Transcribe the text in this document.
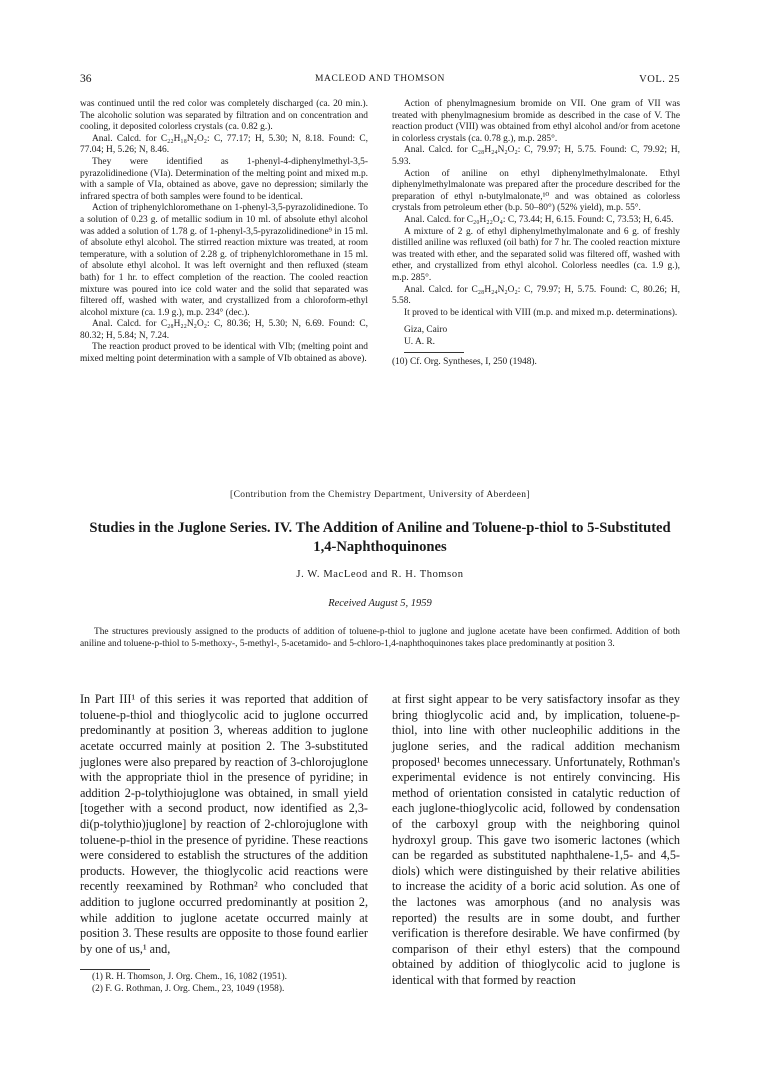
36	MACLEOD AND THOMSON	VOL. 25

was continued until the red color was completely discharged (ca. 20 min.). The alcoholic solution was separated by filtration and on concentration and cooling, it deposited colorless crystals (ca. 0.82 g.).

Anal. Calcd. for C₂₂H₁₈N₂O₂: C, 77.17; H, 5.30; N, 8.18. Found: C, 77.04; H, 5.26; N, 8.46.

They were identified as 1-phenyl-4-diphenylmethyl-3,5-pyrazolidinedione (VIa). Determination of the melting point and mixed m.p. with a sample of VIa, obtained as above, gave no depression; similarly the infrared spectra of both samples were found to be identical.

Action of triphenylchloromethane on 1-phenyl-3,5-pyrazolidinedione. To a solution of 0.23 g. of metallic sodium in 10 ml. of absolute ethyl alcohol was added a solution of 1.78 g. of 1-phenyl-3,5-pyrazolidinedione⁹ in 15 ml. of absolute ethyl alcohol. The stirred reaction mixture was treated, at room temperature, with a solution of 2.28 g. of triphenylchloromethane in 15 ml. of absolute ethyl alcohol. It was left overnight and then refluxed (steam bath) for 1 hr. to effect completion of the reaction. The cooled reaction mixture was poured into ice cold water and the solid that separated was filtered off, washed with water, and crystallized from a chloroform-ethyl alcohol mixture (ca. 1.9 g.), m.p. 234° (dec.).

Anal. Calcd. for C₂₈H₂₂N₂O₂: C, 80.36; H, 5.30; N, 6.69. Found: C, 80.32; H, 5.84; N, 7.24.

The reaction product proved to be identical with VIb; (melting point and mixed melting point determination with a sample of VIb obtained as above).

Action of phenylmagnesium bromide on VII. One gram of VII was treated with phenylmagnesium bromide as described in the case of V. The reaction product (VIII) was obtained from ethyl alcohol and/or from acetone in colorless crystals (ca. 0.78 g.), m.p. 285°.

Anal. Calcd. for C₂₈H₂₄N₂O₂: C, 79.97; H, 5.75. Found: C, 79.92; H, 5.93.

Action of aniline on ethyl diphenylmethylmalonate. Ethyl diphenylmethylmalonate was prepared after the procedure described for the preparation of ethyl n-butylmalonate,¹⁰ and was obtained as colorless crystals from petroleum ether (b.p. 50–80°) (52% yield), m.p. 55°.

Anal. Calcd. for C₂₀H₂₂O₄: C, 73.44; H, 6.15. Found: C, 73.53; H, 6.45.

A mixture of 2 g. of ethyl diphenylmethylmalonate and 6 g. of freshly distilled aniline was refluxed (oil bath) for 7 hr. The cooled reaction mixture was treated with ether, and the separated solid was filtered off, washed with ether, and crystallized from ethyl alcohol. Colorless needles (ca. 1.9 g.), m.p. 285°.

Anal. Calcd. for C₂₈H₂₄N₂O₂: C, 79.97; H, 5.75. Found: C, 80.26; H, 5.58.

It proved to be identical with VIII (m.p. and mixed m.p. determinations).

Giza, Cairo
U. A. R.

(10) Cf. Org. Syntheses, I, 250 (1948).

[Contribution from the Chemistry Department, University of Aberdeen]
Studies in the Juglone Series. IV. The Addition of Aniline and Toluene-p-thiol to 5-Substituted 1,4-Naphthoquinones
J. W. MacLeod and R. H. Thomson
Received August 5, 1959

The structures previously assigned to the products of addition of toluene-p-thiol to juglone and juglone acetate have been confirmed. Addition of both aniline and toluene-p-thiol to 5-methoxy-, 5-methyl-, 5-acetamido- and 5-chloro-1,4-naphthoquinones takes place predominantly at position 3.

In Part III¹ of this series it was reported that addition of toluene-p-thiol and thioglycolic acid to juglone occurred predominantly at position 3, whereas addition to juglone acetate occurred mainly at position 2. The 3-substituted juglones were also prepared by reaction of 3-chlorojuglone with the appropriate thiol in the presence of pyridine; in addition 2-p-tolythiojuglone was obtained, in small yield [together with a second product, now identified as 2,3-di(p-tolythio)juglone] by reaction of 2-chlorojuglone with toluene-p-thiol in the presence of pyridine. These reactions were considered to establish the structures of the addition products. However, the thioglycolic acid reactions were recently reexamined by Rothman² who concluded that addition to juglone occurred predominantly at position 2, while addition to juglone acetate occurred mainly at position 3. These results are opposite to those found earlier by one of us,¹ and,

(1) R. H. Thomson, J. Org. Chem., 16, 1082 (1951).
(2) F. G. Rothman, J. Org. Chem., 23, 1049 (1958).

at first sight appear to be very satisfactory insofar as they bring thioglycolic acid and, by implication, toluene-p-thiol, into line with other nucleophilic additions in the juglone series, and the radical addition mechanism proposed¹ becomes unnecessary. Unfortunately, Rothman's experimental evidence is not entirely convincing. His method of orientation consisted in catalytic reduction of each juglone-thioglycolic acid, followed by condensation of the carboxyl group with the neighboring quinol hydroxyl group. This gave two isomeric lactones (which can be regarded as substituted naphthalene-1,5- and 4,5- diols) which were distinguished by their relative abilities to increase the acidity of a boric acid solution. As one of the lactones was amorphous (and no analysis was reported) the results are in some doubt, and further verification is therefore desirable. We have confirmed (by comparison of their ethyl esters) that the compound obtained by addition of thioglycolic acid to juglone is identical with that formed by reaction
